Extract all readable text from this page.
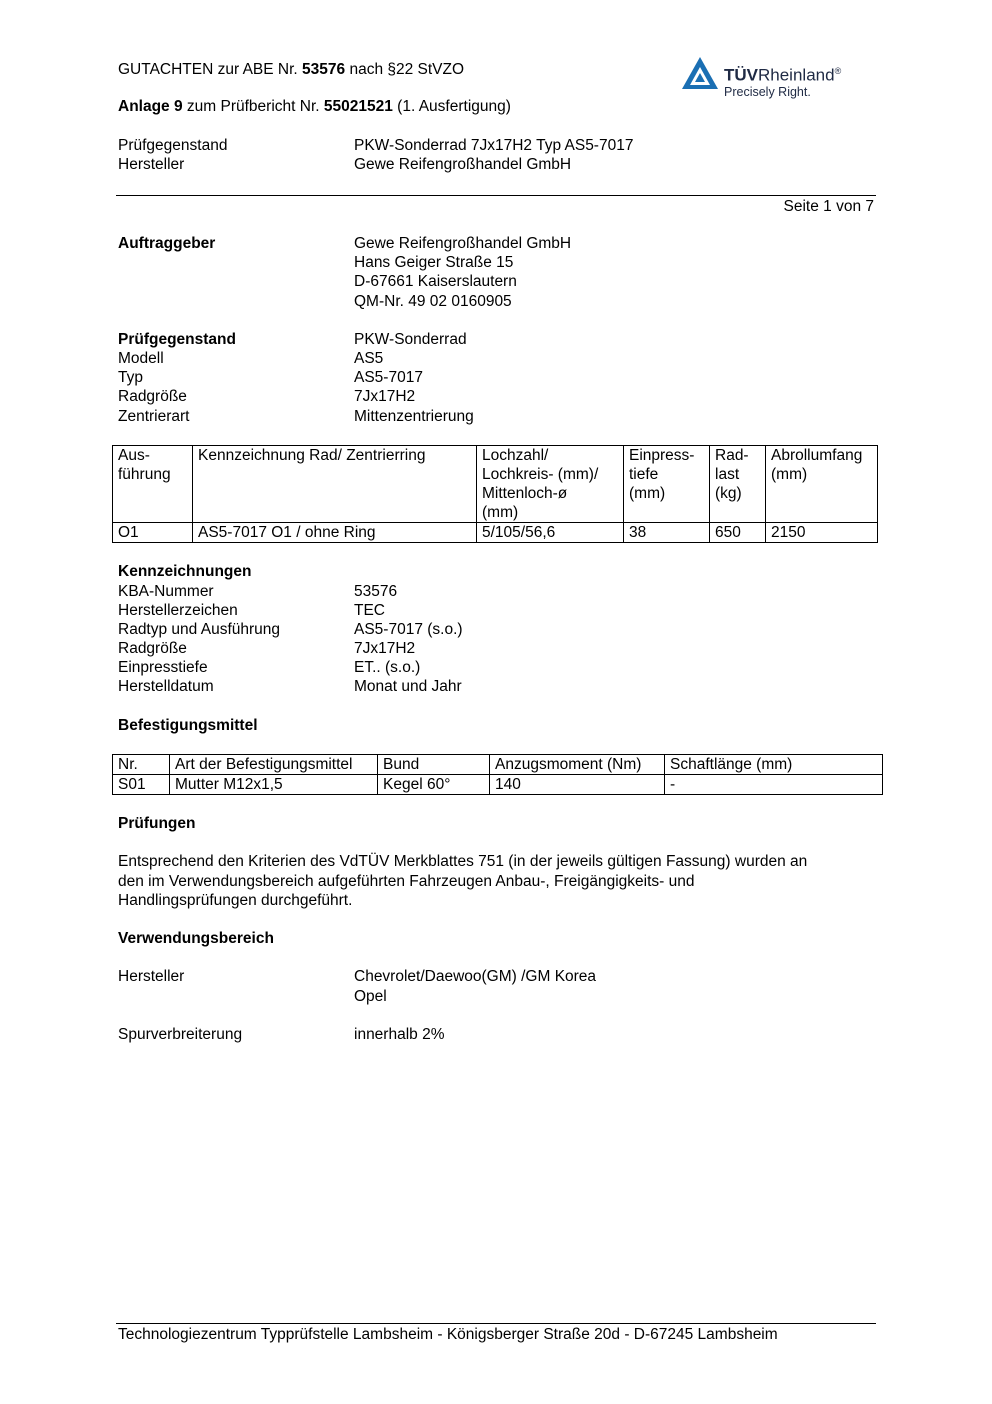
GUTACHTEN zur ABE Nr. 53576 nach §22 StVZO
Anlage 9 zum Prüfbericht Nr. 55021521 (1. Ausfertigung)
TÜVRheinland®
Precisely Right.
Prüfgegenstand	PKW-Sonderrad 7Jx17H2 Typ AS5-7017
Hersteller	Gewe Reifengroßhandel GmbH
Seite 1 von 7
Auftraggeber	Gewe Reifengroßhandel GmbH
Hans Geiger Straße 15
D-67661 Kaiserslautern
QM-Nr. 49 02 0160905
Prüfgegenstand	PKW-Sonderrad
Modell	AS5
Typ	AS5-7017
Radgröße	7Jx17H2
Zentrierart	Mittenzentrierung
Aus-
führung	Kennzeichnung Rad/ Zentrierring	Lochzahl/
Lochkreis- (mm)/
Mittenloch-ø
(mm)	Einpress-
tiefe
(mm)	Rad-
last
(kg)	Abrollumfang
(mm)
O1	AS5-7017 O1 / ohne Ring	5/105/56,6	38	650	2150
Kennzeichnungen
KBA-Nummer	53576
Herstellerzeichen	TEC
Radtyp und Ausführung	AS5-7017 (s.o.)
Radgröße	7Jx17H2
Einpresstiefe	ET.. (s.o.)
Herstelldatum	Monat und Jahr
Befestigungsmittel
Nr.	Art der Befestigungsmittel	Bund	Anzugsmoment (Nm)	Schaftlänge (mm)
S01	Mutter M12x1,5	Kegel 60°	140	-
Prüfungen
Entsprechend den Kriterien des VdTÜV Merkblattes 751 (in der jeweils gültigen Fassung) wurden an
den im Verwendungsbereich aufgeführten Fahrzeugen Anbau-, Freigängigkeits- und
Handlingsprüfungen durchgeführt.
Verwendungsbereich
Hersteller	Chevrolet/Daewoo(GM) /GM Korea
Opel
Spurverbreiterung	innerhalb 2%
Technologiezentrum Typprüfstelle Lambsheim - Königsberger Straße 20d - D-67245 Lambsheim
